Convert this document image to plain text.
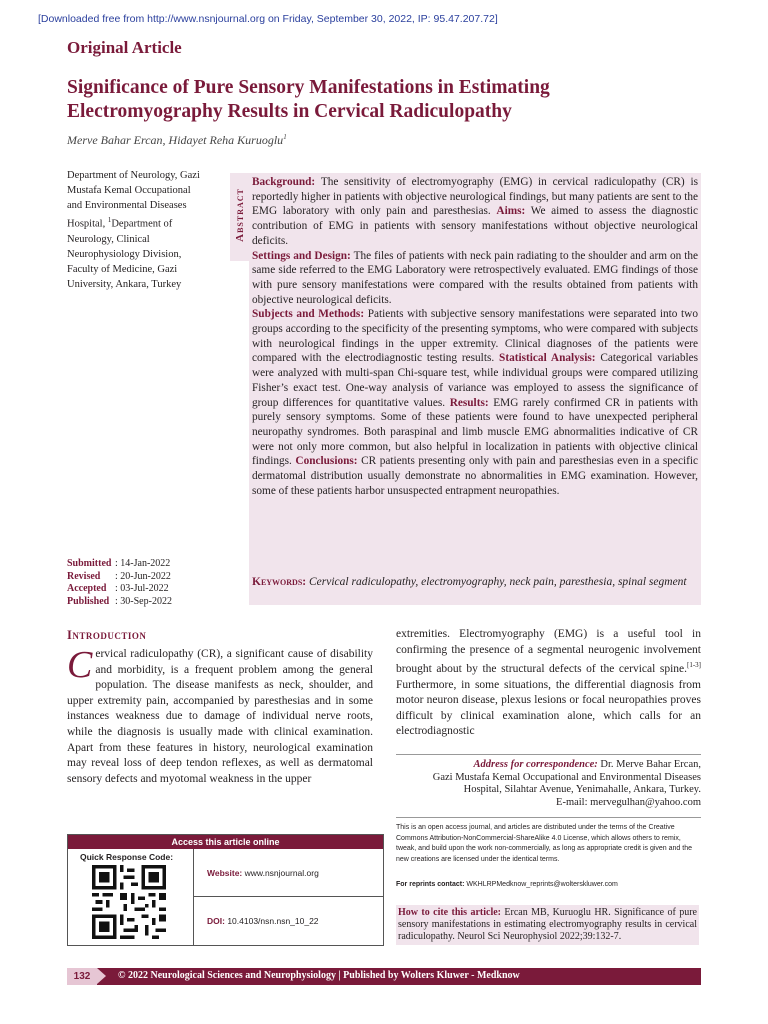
[Downloaded free from http://www.nsnjournal.org on Friday, September 30, 2022, IP: 95.47.207.72]
Original Article
Significance of Pure Sensory Manifestations in Estimating
Electromyography Results in Cervical Radiculopathy
Merve Bahar Ercan, Hidayet Reha Kuruoglu$^1$
Department of Neurology, Gazi Mustafa Kemal Occupational and Environmental Diseases Hospital, $^1$Department of Neurology, Clinical Neurophysiology Division, Faculty of Medicine, Gazi University, Ankara, Turkey
Submitted : 14-Jan-2022
Revised : 20-Jun-2022
Accepted : 03-Jul-2022
Published : 30-Sep-2022
Abstract
Background: The sensitivity of electromyography (EMG) in cervical radiculopathy (CR) is reportedly higher in patients with objective neurological findings, but many patients are sent to the EMG laboratory with only pain and paresthesias. Aims: We aimed to assess the diagnostic contribution of EMG in patients with sensory manifestations without objective neurological deficits.
Settings and Design: The files of patients with neck pain radiating to the shoulder and arm on the same side referred to the EMG Laboratory were retrospectively evaluated. EMG findings of those with pure sensory manifestations were compared with the results obtained from patients with objective neurological deficits.
Subjects and Methods: Patients with subjective sensory manifestations were separated into two groups according to the specificity of the presenting symptoms, who were compared with subjects with neurological findings in the upper extremity. Clinical diagnoses of the patients were compared with the electrodiagnostic testing results. Statistical Analysis: Categorical variables were analyzed with multi-span Chi-square test, while individual groups were compared utilizing Fisher’s exact test. One-way analysis of variance was employed to assess the significance of group differences for quantitative values. Results: EMG rarely confirmed CR in patients with purely sensory symptoms. Some of these patients were found to have unexpected peripheral neuropathy syndromes. Both paraspinal and limb muscle EMG abnormalities indicative of CR were not only more common, but also helpful in localization in patients with objective clinical findings. Conclusions: CR patients presenting only with pain and paresthesias even in a specific dermatomal distribution usually demonstrate no abnormalities in EMG examination. However, some of these patients harbor unsuspected entrapment neuropathies.
Keywords: Cervical radiculopathy, electromyography, neck pain, paresthesia, spinal segment
Introduction
Cervical radiculopathy (CR), a significant cause of disability and morbidity, is a frequent problem among the general population. The disease manifests as neck, shoulder, and upper extremity pain, accompanied by paresthesias and in some instances weakness due to damage of individual nerve roots, while the diagnosis is usually made with clinical examination. Apart from these features in history, neurological examination may reveal loss of deep tendon reflexes, as well as dermatomal sensory defects and myotomal weakness in the upper
extremities. Electromyography (EMG) is a useful tool in confirming the presence of a segmental neurogenic involvement brought about by the structural defects of the cervical spine.[1-3] Furthermore, in some situations, the differential diagnosis from motor neuron disease, plexus lesions or focal neuropathies proves difficult by clinical examination alone, which calls for an electrodiagnostic
Address for correspondence: Dr. Merve Bahar Ercan,
Gazi Mustafa Kemal Occupational and Environmental Diseases
Hospital, Silahtar Avenue, Yenimahalle, Ankara, Turkey.
E-mail: mervegulhan@yahoo.com
This is an open access journal, and articles are distributed under the terms of the Creative Commons Attribution-NonCommercial-ShareAlike 4.0 License, which allows others to remix, tweak, and build upon the work non-commercially, as long as appropriate credit is given and the new creations are licensed under the identical terms.
For reprints contact: WKHLRPMedknow_reprints@wolterskluwer.com
How to cite this article: Ercan MB, Kuruoglu HR. Significance of pure sensory manifestations in estimating electromyography results in cervical radiculopathy. Neurol Sci Neurophysiol 2022;39:132-7.
Access this article online
Quick Response Code:
Website: www.nsnjournal.org
DOI: 10.4103/nsn.nsn_10_22
132	© 2022 Neurological Sciences and Neurophysiology | Published by Wolters Kluwer - Medknow
